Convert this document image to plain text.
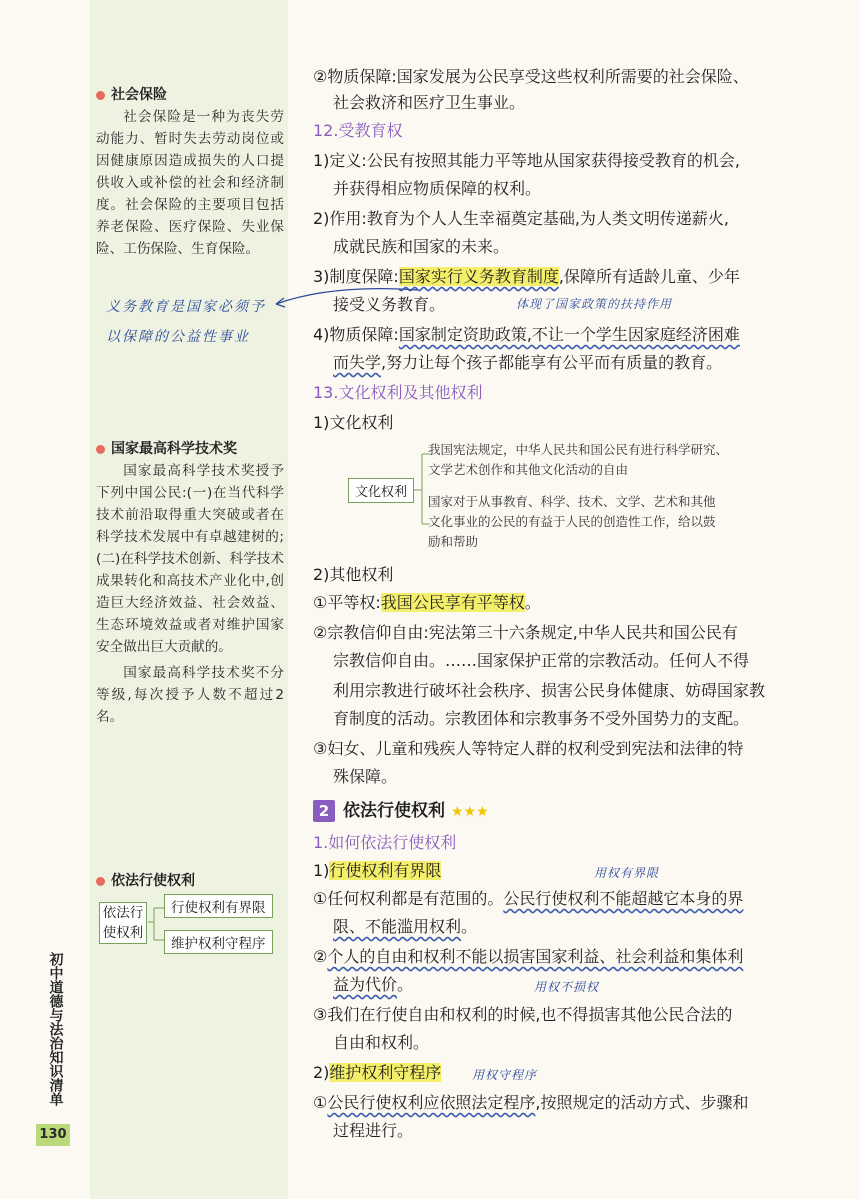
社会保险

社会保险是一种为丧失劳动能力、暂时失去劳动岗位或因健康原因造成损失的人口提供收入或补偿的社会和经济制度。社会保险的主要项目包括养老保险、医疗保险、失业保险、工伤保险、生育保险。

义务教育是国家必须予
以保障的公益性事业
国家最高科学技术奖

国家最高科学技术奖授予下列中国公民:(一)在当代科学技术前沿取得重大突破或者在科学技术发展中有卓越建树的;(二)在科学技术创新、科学技术成果转化和高技术产业化中,创造巨大经济效益、社会效益、生态环境效益或者对维护国家安全做出巨大贡献的。

国家最高科学技术奖不分等级,每次授予人数不超过2名。

依法行使权利
依法行使权利
行使权利有界限
维护权利守程序
初中道德与法治知识清单
130
②物质保障:国家发展为公民享受这些权利所需要的社会保险、
社会救济和医疗卫生事业。
12.受教育权
1)定义:公民有按照其能力平等地从国家获得接受教育的机会,
并获得相应物质保障的权利。
2)作用:教育为个人人生幸福奠定基础,为人类文明传递薪火,
成就民族和国家的未来。
3)制度保障:国家实行义务教育制度,保障所有适龄儿童、少年
接受义务教育。	体现了国家政策的扶持作用
4)物质保障:国家制定资助政策,不让一个学生因家庭经济困难
而失学,努力让每个孩子都能享有公平而有质量的教育。
13.文化权利及其他权利
1)文化权利
文化权利
我国宪法规定，中华人民共和国公民有进行科学研究、
文学艺术创作和其他文化活动的自由
国家对于从事教育、科学、技术、文学、艺术和其他
文化事业的公民的有益于人民的创造性工作，给以鼓
励和帮助
2)其他权利
①平等权:我国公民享有平等权。
②宗教信仰自由:宪法第三十六条规定,中华人民共和国公民有
宗教信仰自由。……国家保护正常的宗教活动。任何人不得
利用宗教进行破坏社会秩序、损害公民身体健康、妨碍国家教
育制度的活动。宗教团体和宗教事务不受外国势力的支配。
③妇女、儿童和残疾人等特定人群的权利受到宪法和法律的特
殊保障。
2 依法行使权利 ★★★
1.如何依法行使权利
1)行使权利有界限	用权有界限
①任何权利都是有范围的。公民行使权利不能超越它本身的界
限、不能滥用权利。
②个人的自由和权利不能以损害国家利益、社会利益和集体利
益为代价。	用权不损权
③我们在行使自由和权利的时候,也不得损害其他公民合法的
自由和权利。
2)维护权利守程序	用权守程序
①公民行使权利应依照法定程序,按照规定的活动方式、步骤和
过程进行。
